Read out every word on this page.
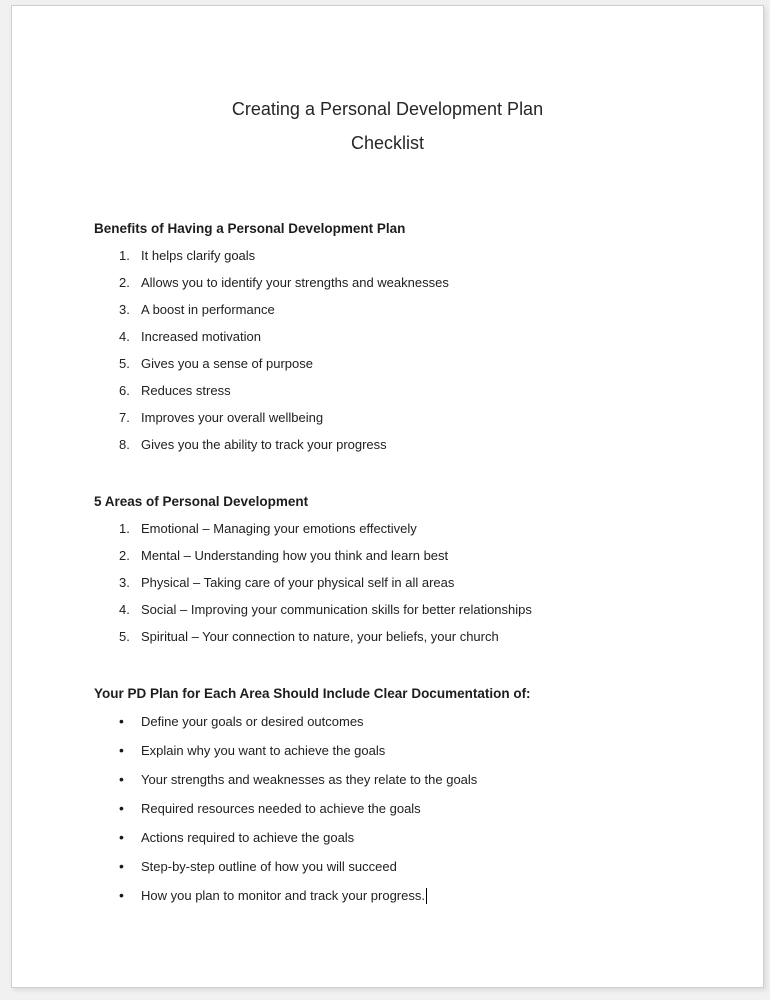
Creating a Personal Development Plan
Checklist
Benefits of Having a Personal Development Plan
It helps clarify goals
Allows you to identify your strengths and weaknesses
A boost in performance
Increased motivation
Gives you a sense of purpose
Reduces stress
Improves your overall wellbeing
Gives you the ability to track your progress
5 Areas of Personal Development
Emotional – Managing your emotions effectively
Mental – Understanding how you think and learn best
Physical – Taking care of your physical self in all areas
Social – Improving your communication skills for better relationships
Spiritual – Your connection to nature, your beliefs, your church
Your PD Plan for Each Area Should Include Clear Documentation of:
• Define your goals or desired outcomes
• Explain why you want to achieve the goals
• Your strengths and weaknesses as they relate to the goals
• Required resources needed to achieve the goals
• Actions required to achieve the goals
• Step-by-step outline of how you will succeed
• How you plan to monitor and track your progress.
